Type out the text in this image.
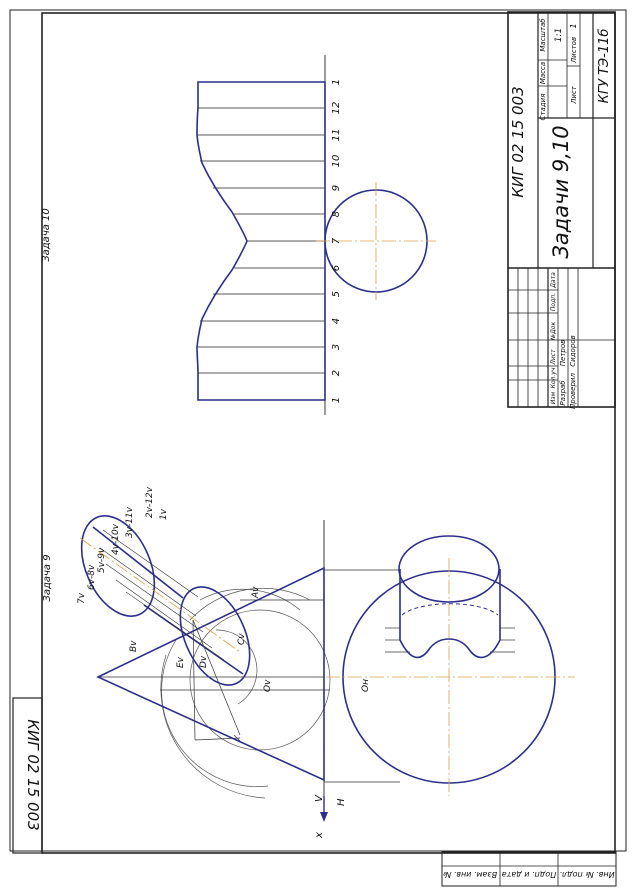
Взам. инв. № Подп. и дата Инв. № подл.
КИГ 02 15 003
КИГ 02 15 003 Задачи 9,10
КГУ ТЭ-11б
Стадия
Масса
Масштаб 1:1
Лист
Листов
1
Изм
Кол.уч
Лист
№Док
Подп.
Дата
Разраб
Петров
Проверил
Сидоров
Задача 10
1
2
3
4
5
6
7
8
9
10
11
12
1
Задача 9	7v
6v-8v
5v-9v
4v-10v
3v-11v
2v-12v 1v
Av
Bv
Cv
Dv
Ev
Ov	Oн
x
V H
